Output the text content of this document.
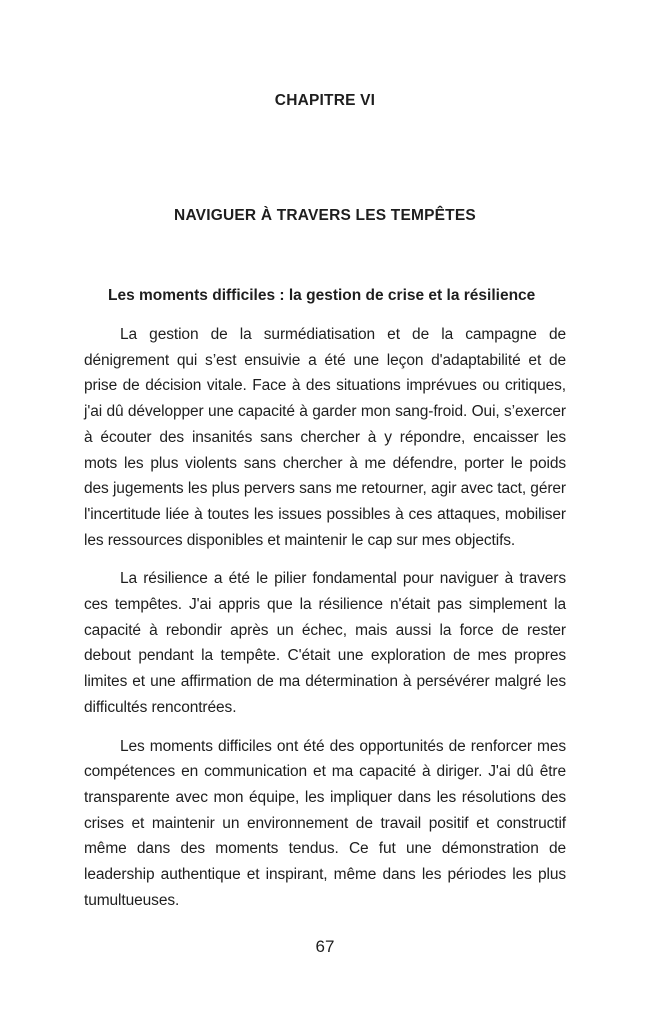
CHAPITRE VI
NAVIGUER À TRAVERS LES TEMPÊTES
Les moments difficiles : la gestion de crise et la résilience

La gestion de la surmédiatisation et de la campagne de dénigrement qui s’est ensuivie a été une leçon d'adaptabilité et de prise de décision vitale. Face à des situations imprévues ou critiques, j'ai dû développer une capacité à garder mon sang-froid. Oui, s’exercer à écouter des insanités sans chercher à y répondre, encaisser les mots les plus violents sans chercher à me défendre, porter le poids des jugements les plus pervers sans me retourner, agir avec tact, gérer l'incertitude liée à toutes les issues possibles à ces attaques, mobiliser les ressources disponibles et maintenir le cap sur mes objectifs.

La résilience a été le pilier fondamental pour naviguer à travers ces tempêtes. J'ai appris que la résilience n'était pas simplement la capacité à rebondir après un échec, mais aussi la force de rester debout pendant la tempête. C'était une exploration de mes propres limites et une affirmation de ma détermination à persévérer malgré les difficultés rencontrées.

Les moments difficiles ont été des opportunités de renforcer mes compétences en communication et ma capacité à diriger. J'ai dû être transparente avec mon équipe, les impliquer dans les résolutions des crises et maintenir un environnement de travail positif et constructif même dans des moments tendus. Ce fut une démonstration de leadership authentique et inspirant, même dans les périodes les plus tumultueuses.

67
